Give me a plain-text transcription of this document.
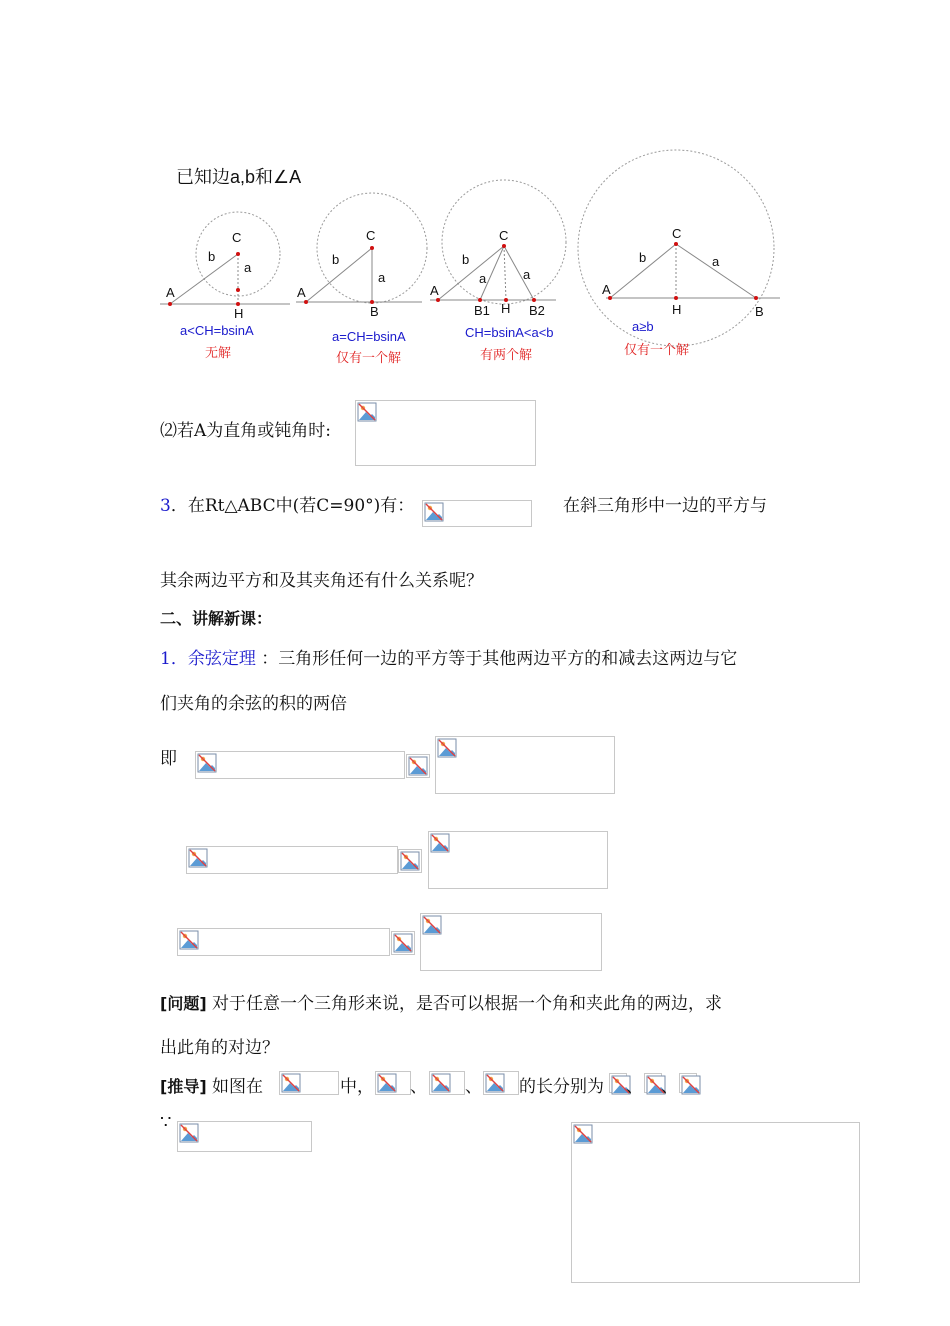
已知边a,b和∠A
A
C
H
b
a
A
C
B
b
a
A
C
B1 H B2
b
a	a
A
C
H	B
b	a
a<CH=bsinA
无解
a=CH=bsinA
仅有一个解
CH=bsinA<a<b
有两个解
a≥b
仅有一个解
⑵若A为直角或钝角时:
3．在Rt△ABC中(若C=90°)有：	在斜三角形中一边的平方与
其余两边平方和及其夹角还有什么关系呢？
二、讲解新课：
1．余弦定理 ：三角形任何一边的平方等于其他两边平方的和减去这两边与它
们夹角的余弦的积的两倍
即
[问题] 对于任意一个三角形来说，是否可以根据一个角和夹此角的两边，求
出此角的对边？
[推导] 如图在	中， 、 、 的长分别为 、 、
∵
